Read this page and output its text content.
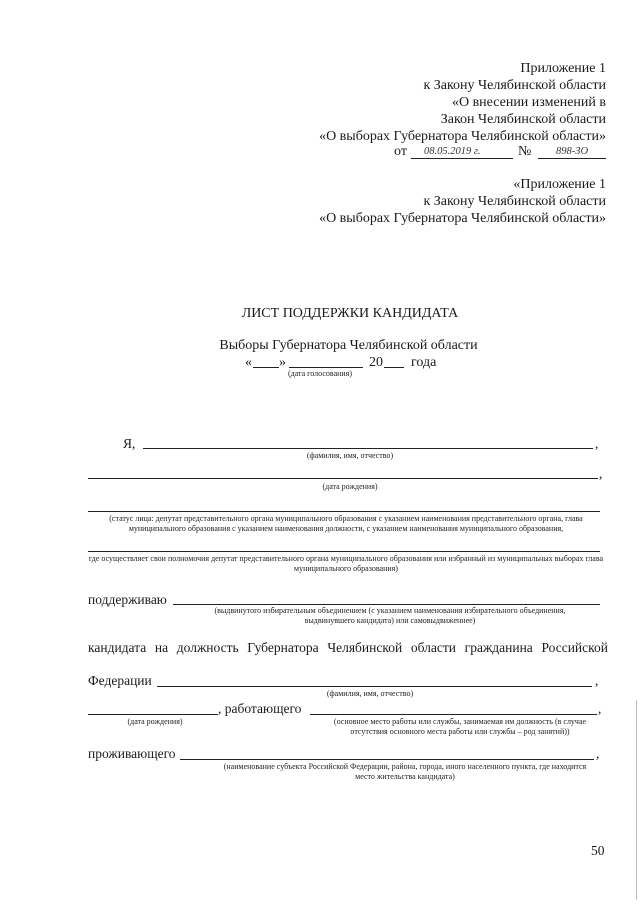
Приложение 1
к Закону Челябинской области
«О внесении изменений в
Закон Челябинской области
«О выборах Губернатора Челябинской области»
от 08.05.2019 г.	№ 898-ЗО
«Приложение 1
к Закону Челябинской области
«О выборах Губернатора Челябинской области»
ЛИСТ ПОДДЕРЖКИ КАНДИДАТА
Выборы Губернатора Челябинской области
« »	20 года
(дата голосования)
Я,	,
(фамилия, имя, отчество)
,
(дата рождения)
(статус лица: депутат представительного органа муниципального образования с указанием наименования представительного органа, глава муниципального образования с указанием наименования должности, с указанием наименования муниципального образования,
где осуществляет свои полномочия депутат представительного органа муниципального образования или избранный из муниципальных выборах глава муниципального образования)
поддерживаю
(выдвинутого избирательным объединением (с указанием наименования избирательного объединения, выдвинувшего кандидата) или самовыдвиженнее)
кандидата на должность Губернатора Челябинской области гражданина Российской
Федерации	,
(фамилия, имя, отчество)
, работающего	,
(дата рождения)	(основное место работы или службы, занимаемая им должность (в случае отсутствия основного места работы или службы – род занятий))
проживающего	,
(наименование субъекта Российской Федерации, района, города, иного населенного пункта, где находится место жительства кандидата)
50
